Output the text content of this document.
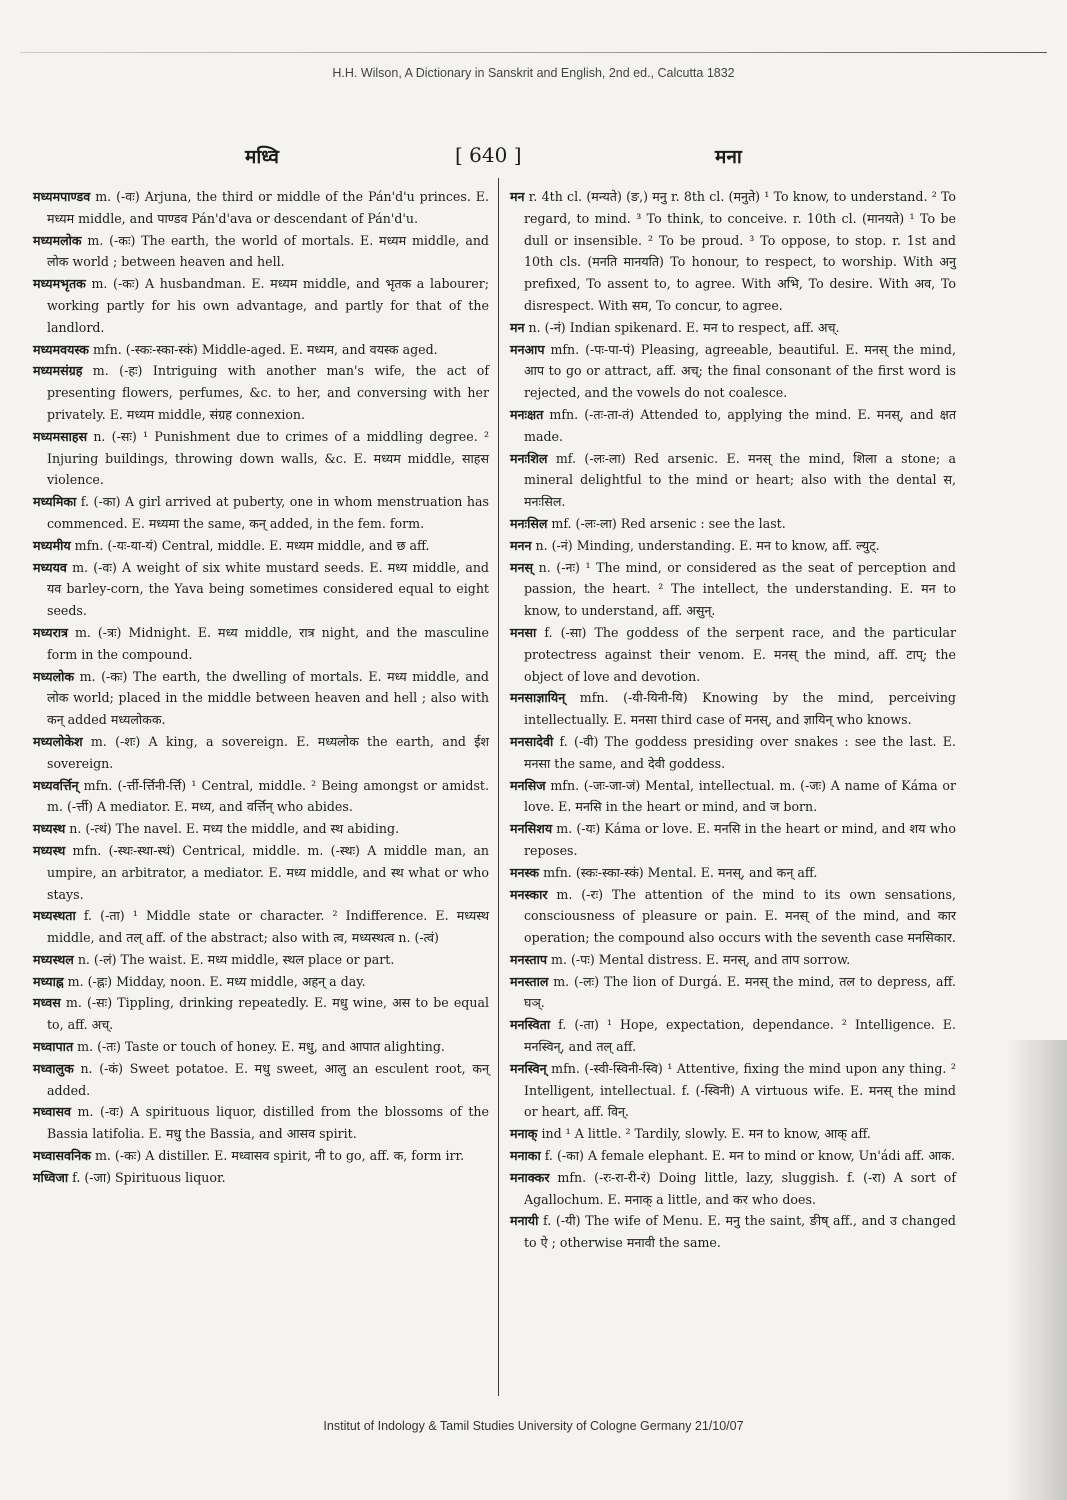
H.H. Wilson, A Dictionary in Sanskrit and English, 2nd ed., Calcutta 1832
मध्वि	[ 640 ]	मना

मध्यमपाण्डव m. (-वः) Arjuna, the third or middle of the Pán'd'u princes. E. मध्यम middle, and पाण्डव Pán'd'ava or descendant of Pán'd'u.

मध्यमलोक m. (-कः) The earth, the world of mortals. E. मध्यम middle, and लोक world ; between heaven and hell.

मध्यमभृतक m. (-कः) A husbandman. E. मध्यम middle, and भृतक a labourer; working partly for his own advantage, and partly for that of the landlord.

मध्यमवयस्क mfn. (-स्कः-स्का-स्कं) Middle-aged. E. मध्यम, and वयस्क aged.

मध्यमसंग्रह m. (-हः) Intriguing with another man's wife, the act of presenting flowers, perfumes, &c. to her, and conversing with her privately. E. मध्यम middle, संग्रह connexion.

मध्यमसाहस n. (-सः) ¹ Punishment due to crimes of a middling degree. ² Injuring buildings, throwing down walls, &c. E. मध्यम middle, साहस violence.

मध्यमिका f. (-का) A girl arrived at puberty, one in whom menstruation has commenced. E. मध्यमा the same, कन् added, in the fem. form.

मध्यमीय mfn. (-यः-या-यं) Central, middle. E. मध्यम middle, and छ aff.

मध्ययव m. (-वः) A weight of six white mustard seeds. E. मध्य middle, and यव barley-corn, the Yava being sometimes considered equal to eight seeds.

मध्यरात्र m. (-त्रः) Midnight. E. मध्य middle, रात्र night, and the masculine form in the compound.

मध्यलोक m. (-कः) The earth, the dwelling of mortals. E. मध्य middle, and लोक world; placed in the middle between heaven and hell ; also with कन् added मध्यलोकक.

मध्यलोकेश m. (-शः) A king, a sovereign. E. मध्यलोक the earth, and ईश sovereign.

मध्यवर्त्तिन् mfn. (-र्त्ती-र्त्तिनी-र्त्ति) ¹ Central, middle. ² Being amongst or amidst. m. (-र्त्ती) A mediator. E. मध्य, and वर्त्तिन् who abides.

मध्यस्थ n. (-त्थं) The navel. E. मध्य the middle, and स्थ abiding.

मध्यस्थ mfn. (-स्थः-स्था-स्थं) Centrical, middle. m. (-स्थः) A middle man, an umpire, an arbitrator, a mediator. E. मध्य middle, and स्थ what or who stays.

मध्यस्थता f. (-ता) ¹ Middle state or character. ² Indifference. E. मध्यस्थ middle, and तल् aff. of the abstract; also with त्व, मध्यस्थत्व n. (-त्वं)

मध्यस्थल n. (-लं) The waist. E. मध्य middle, स्थल place or part.

मध्याह्न m. (-ह्नः) Midday, noon. E. मध्य middle, अहन् a day.

मध्वस m. (-सः) Tippling, drinking repeatedly. E. मधु wine, अस to be equal to, aff. अच्.

मध्वापात m. (-तः) Taste or touch of honey. E. मधु, and आपात alighting.

मध्वालुक n. (-कं) Sweet potatoe. E. मधु sweet, आलु an esculent root, कन् added.

मध्वासव m. (-वः) A spirituous liquor, distilled from the blossoms of the Bassia latifolia. E. मधु the Bassia, and आसव spirit.

मध्वासवनिक m. (-कः) A distiller. E. मध्वासव spirit, नी to go, aff. क, form irr.

मध्विजा f. (-जा) Spirituous liquor.

मन r. 4th cl. (मन्यते) (ङ,) मनु r. 8th cl. (मनुते) ¹ To know, to understand. ² To regard, to mind. ³ To think, to conceive. r. 10th cl. (मानयते) ¹ To be dull or insensible. ² To be proud. ³ To oppose, to stop. r. 1st and 10th cls. (मनति मानयति) To honour, to respect, to worship. With अनु prefixed, To assent to, to agree. With अभि, To desire. With अव, To disrespect. With सम, To concur, to agree.

मन n. (-नं) Indian spikenard. E. मन to respect, aff. अच्.

मनआप mfn. (-पः-पा-पं) Pleasing, agreeable, beautiful. E. मनस् the mind, आप to go or attract, aff. अच्; the final consonant of the first word is rejected, and the vowels do not coalesce.

मनःक्षत mfn. (-तः-ता-तं) Attended to, applying the mind. E. मनस्, and क्षत made.

मनःशिल mf. (-लः-ला) Red arsenic. E. मनस् the mind, शिला a stone; a mineral delightful to the mind or heart; also with the dental स, मनःसिल.

मनःसिल mf. (-लः-ला) Red arsenic : see the last.

मनन n. (-नं) Minding, understanding. E. मन to know, aff. ल्युट्.

मनस् n. (-नः) ¹ The mind, or considered as the seat of perception and passion, the heart. ² The intellect, the understanding. E. मन to know, to understand, aff. असुन्.

मनसा f. (-सा) The goddess of the serpent race, and the particular protectress against their venom. E. मनस् the mind, aff. टाप्; the object of love and devotion.

मनसाज्ञायिन् mfn. (-यी-यिनी-यि) Knowing by the mind, perceiving intellectually. E. मनसा third case of मनस्, and ज्ञायिन् who knows.

मनसादेवी f. (-वी) The goddess presiding over snakes : see the last. E. मनसा the same, and देवी goddess.

मनसिज mfn. (-जः-जा-जं) Mental, intellectual. m. (-जः) A name of Káma or love. E. मनसि in the heart or mind, and ज born.

मनसिशय m. (-यः) Káma or love. E. मनसि in the heart or mind, and शय who reposes.

मनस्क mfn. (स्कः-स्का-स्कं) Mental. E. मनस्, and कन् aff.

मनस्कार m. (-रः) The attention of the mind to its own sensations, consciousness of pleasure or pain. E. मनस् of the mind, and कार operation; the compound also occurs with the seventh case मनसिकार.

मनस्ताप m. (-पः) Mental distress. E. मनस्, and ताप sorrow.

मनस्ताल m. (-लः) The lion of Durgá. E. मनस् the mind, तल to depress, aff. घञ्.

मनस्विता f. (-ता) ¹ Hope, expectation, dependance. ² Intelligence. E. मनस्विन्, and तल् aff.

मनस्विन् mfn. (-स्वी-स्विनी-स्वि) ¹ Attentive, fixing the mind upon any thing. ² Intelligent, intellectual. f. (-स्विनी) A virtuous wife. E. मनस् the mind or heart, aff. विन्.

मनाक् ind ¹ A little. ² Tardily, slowly. E. मन to know, आक् aff.

मनाका f. (-का) A female elephant. E. मन to mind or know, Un'ádi aff. आक.

मनाक्कर mfn. (-रः-रा-री-रं) Doing little, lazy, sluggish. f. (-रा) A sort of Agallochum. E. मनाक् a little, and कर who does.

मनायी f. (-यी) The wife of Menu. E. मनु the saint, ङीष् aff., and उ changed to ऐ ; otherwise मनावी the same.

Institut of Indology & Tamil Studies University of Cologne Germany 21/10/07
